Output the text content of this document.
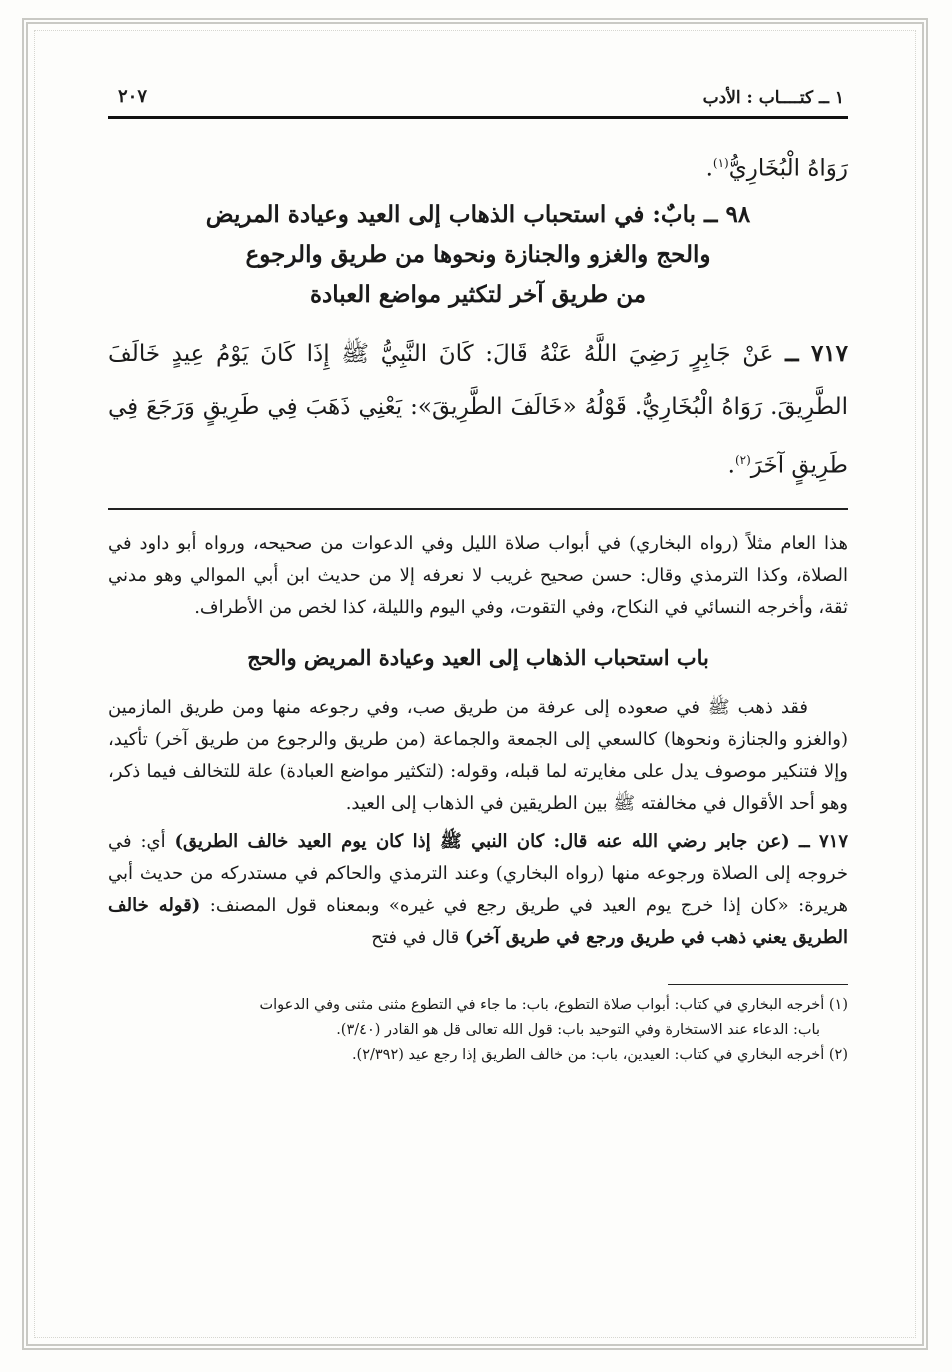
١ ــ كتــــاب : الأدب
٢٠٧
رَوَاهُ الْبُخَارِيُّ$^{(١)}$.
٩٨ ــ بابٌ: في استحباب الذهاب إلى العيد وعيادة المريض
والحج والغزو والجنازة ونحوها من طريق والرجوع
من طريق آخر لتكثير مواضع العبادة
٧١٧ ــ عَنْ جَابِرٍ رَضِيَ اللَّهُ عَنْهُ قَالَ: كَانَ النَّبِيُّ ﷺ إِذَا كَانَ يَوْمُ عِيدٍ خَالَفَ الطَّرِيقَ. رَوَاهُ الْبُخَارِيُّ. قَوْلُهُ «خَالَفَ الطَّرِيقَ»: يَعْنِي ذَهَبَ فِي طَرِيقٍ وَرَجَعَ فِي طَرِيقٍ آخَرَ$^{(٢)}$.

هذا العام مثلاً (رواه البخاري) في أبواب صلاة الليل وفي الدعوات من صحيحه، ورواه أبو داود في الصلاة، وكذا الترمذي وقال: حسن صحيح غريب لا نعرفه إلا من حديث ابن أبي الموالي وهو مدني ثقة، وأخرجه النسائي في النكاح، وفي التقوت، وفي اليوم والليلة، كذا لخص من الأطراف.

باب استحباب الذهاب إلى العيد وعيادة المريض والحج

فقد ذهب ﷺ في صعوده إلى عرفة من طريق صب، وفي رجوعه منها ومن طريق المازمين (والغزو والجنازة ونحوها) كالسعي إلى الجمعة والجماعة (من طريق والرجوع من طريق آخر) تأكيد، وإلا فتنكير موصوف يدل على مغايرته لما قبله، وقوله: (لتكثير مواضع العبادة) علة للتخالف فيما ذكر، وهو أحد الأقوال في مخالفته ﷺ بين الطريقين في الذهاب إلى العيد.

٧١٧ ــ (عن جابر رضي الله عنه قال: كان النبي ﷺ إذا كان يوم العيد خالف الطريق) أي: في خروجه إلى الصلاة ورجوعه منها (رواه البخاري) وعند الترمذي والحاكم في مستدركه من حديث أبي هريرة: «كان إذا خرج يوم العيد في طريق رجع في غيره» وبمعناه قول المصنف: (قوله خالف الطريق يعني ذهب في طريق ورجع في طريق آخر) قال في فتح

(١) أخرجه البخاري في كتاب: أبواب صلاة التطوع، باب: ما جاء في التطوع مثنى مثنى وفي الدعوات

باب: الدعاء عند الاستخارة وفي التوحيد باب: قول الله تعالى قل هو القادر (٣/٤٠).

(٢) أخرجه البخاري في كتاب: العيدين، باب: من خالف الطريق إذا رجع عيد (٢/٣٩٢).
